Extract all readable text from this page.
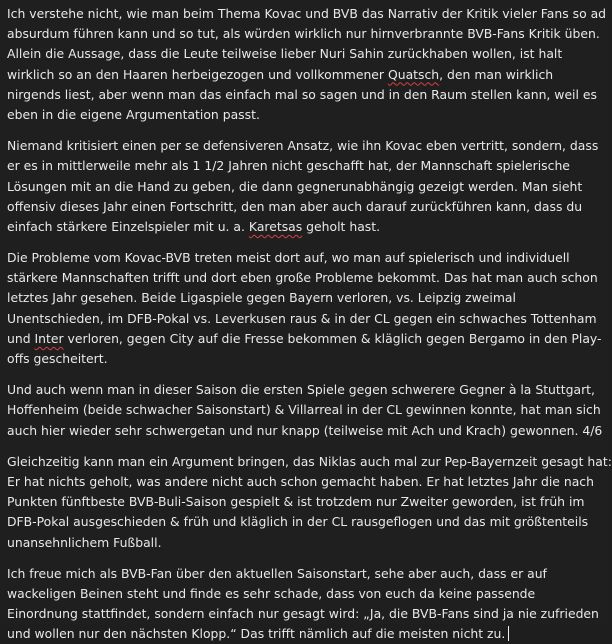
Ich verstehe nicht, wie man beim Thema Kovac und BVB das Narrativ der Kritik vieler Fans so ad
absurdum führen kann und so tut, als würden wirklich nur hirnverbrannte BVB-Fans Kritik üben.
Allein die Aussage, dass die Leute teilweise lieber Nuri Sahin zurückhaben wollen, ist halt
wirklich so an den Haaren herbeigezogen und vollkommener Quatsch, den man wirklich
nirgends liest, aber wenn man das einfach mal so sagen und in den Raum stellen kann, weil es
eben in die eigene Argumentation passt.
Niemand kritisiert einen per se defensiveren Ansatz, wie ihn Kovac eben vertritt, sondern, dass
er es in mittlerweile mehr als 1 1/2 Jahren nicht geschafft hat, der Mannschaft spielerische
Lösungen mit an die Hand zu geben, die dann gegnerunabhängig gezeigt werden. Man sieht
offensiv dieses Jahr einen Fortschritt, den man aber auch darauf zurückführen kann, dass du
einfach stärkere Einzelspieler mit u. a. Karetsas geholt hast.
Die Probleme vom Kovac-BVB treten meist dort auf, wo man auf spielerisch und individuell
stärkere Mannschaften trifft und dort eben große Probleme bekommt. Das hat man auch schon
letztes Jahr gesehen. Beide Ligaspiele gegen Bayern verloren, vs. Leipzig zweimal
Unentschieden, im DFB-Pokal vs. Leverkusen raus & in der CL gegen ein schwaches Tottenham
und Inter verloren, gegen City auf die Fresse bekommen & kläglich gegen Bergamo in den Play-
offs gescheitert.
Und auch wenn man in dieser Saison die ersten Spiele gegen schwerere Gegner à la Stuttgart,
Hoffenheim (beide schwacher Saisonstart) & Villarreal in der CL gewinnen konnte, hat man sich
auch hier wieder sehr schwergetan und nur knapp (teilweise mit Ach und Krach) gewonnen. 4/6
Gleichzeitig kann man ein Argument bringen, das Niklas auch mal zur Pep-Bayernzeit gesagt hat:
Er hat nichts geholt, was andere nicht auch schon gemacht haben. Er hat letztes Jahr die nach
Punkten fünftbeste BVB-Buli-Saison gespielt & ist trotzdem nur Zweiter geworden, ist früh im
DFB-Pokal ausgeschieden & früh und kläglich in der CL rausgeflogen und das mit größtenteils
unansehnlichem Fußball.
Ich freue mich als BVB-Fan über den aktuellen Saisonstart, sehe aber auch, dass er auf
wackeligen Beinen steht und finde es sehr schade, dass von euch da keine passende
Einordnung stattfindet, sondern einfach nur gesagt wird: „Ja, die BVB-Fans sind ja nie zufrieden
und wollen nur den nächsten Klopp.“ Das trifft nämlich auf die meisten nicht zu.
